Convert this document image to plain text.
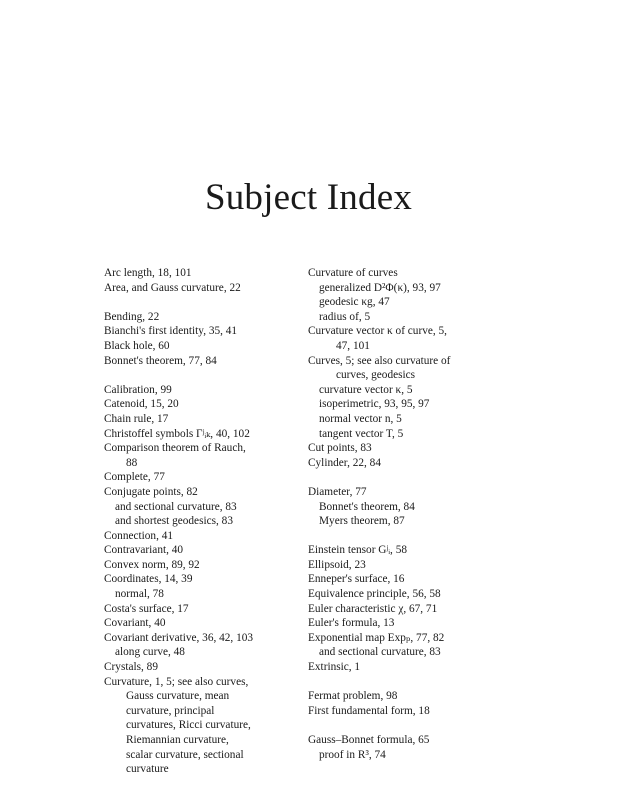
Subject Index
Arc length, 18, 101
Area, and Gauss curvature, 22
Bending, 22
Bianchi's first identity, 35, 41
Black hole, 60
Bonnet's theorem, 77, 84
Calibration, 99
Catenoid, 15, 20
Chain rule, 17
Christoffel symbols Γʲᵢₖ, 40, 102
Comparison theorem of Rauch,
88
Complete, 77
Conjugate points, 82
and sectional curvature, 83
and shortest geodesics, 83
Connection, 41
Contravariant, 40
Convex norm, 89, 92
Coordinates, 14, 39
normal, 78
Costa's surface, 17
Covariant, 40
Covariant derivative, 36, 42, 103
along curve, 48
Crystals, 89
Curvature, 1, 5; see also curves,
Gauss curvature, mean
curvature, principal
curvatures, Ricci curvature,
Riemannian curvature,
scalar curvature, sectional
curvature
Curvature of curves
generalized D²Φ(κ), 93, 97
geodesic κg, 47
radius of, 5
Curvature vector κ of curve, 5,
47, 101
Curves, 5; see also curvature of
curves, geodesics
curvature vector κ, 5
isoperimetric, 93, 95, 97
normal vector n, 5
tangent vector T, 5
Cut points, 83
Cylinder, 22, 84
Diameter, 77
Bonnet's theorem, 84
Myers theorem, 87
Einstein tensor Gʲᵢ, 58
Ellipsoid, 23
Enneper's surface, 16
Equivalence principle, 56, 58
Euler characteristic χ, 67, 71
Euler's formula, 13
Exponential map Expₚ, 77, 82
and sectional curvature, 83
Extrinsic, 1
Fermat problem, 98
First fundamental form, 18
Gauss–Bonnet formula, 65
proof in R³, 74
